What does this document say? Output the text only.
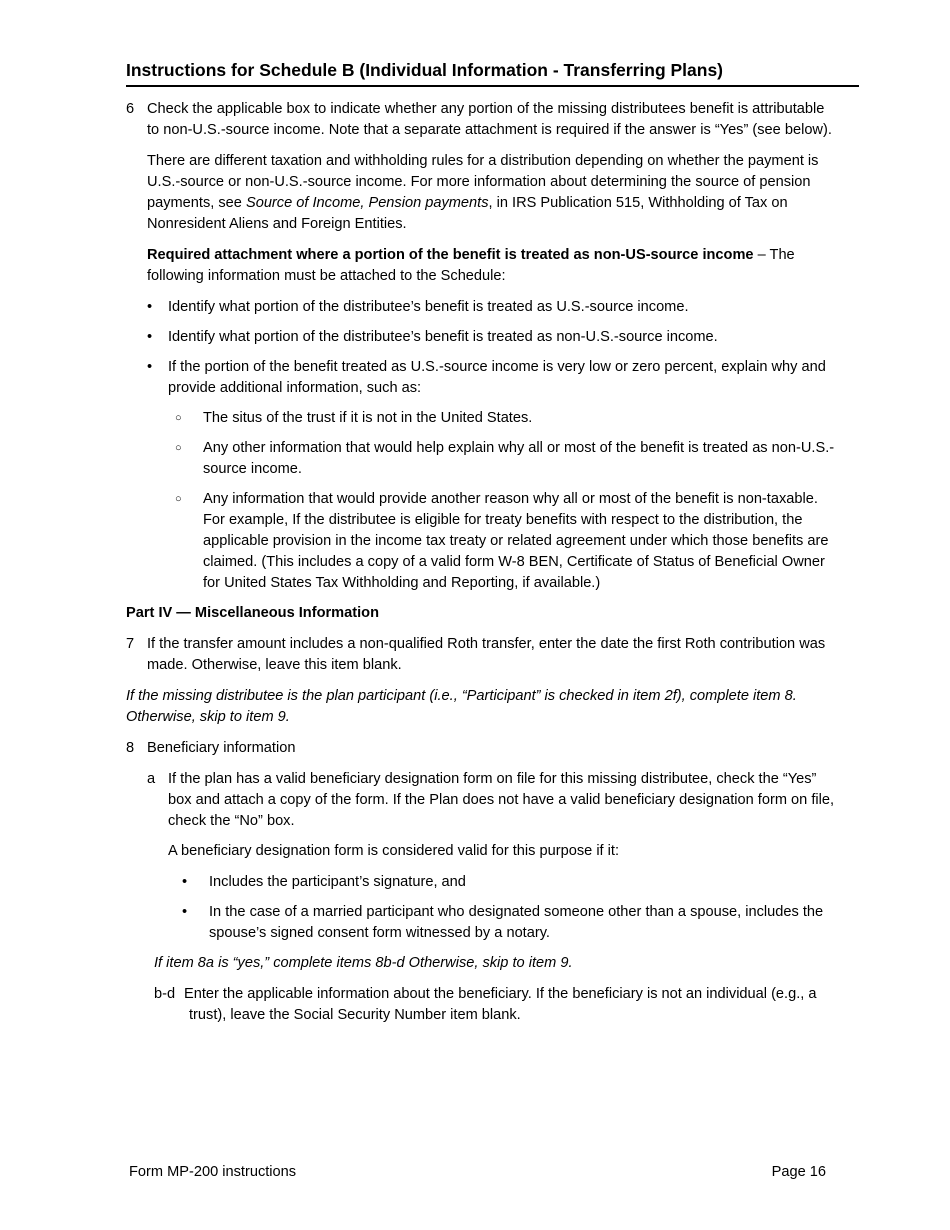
Instructions for Schedule B (Individual Information - Transferring Plans)
6 Check the applicable box to indicate whether any portion of the missing distributees benefit is attributable to non-U.S.-source income. Note that a separate attachment is required if the answer is “Yes” (see below).
There are different taxation and withholding rules for a distribution depending on whether the payment is U.S.-source or non-U.S.-source income. For more information about determining the source of pension payments, see Source of Income, Pension payments, in IRS Publication 515, Withholding of Tax on Nonresident Aliens and Foreign Entities.
Required attachment where a portion of the benefit is treated as non-US-source income – The following information must be attached to the Schedule:
• Identify what portion of the distributee’s benefit is treated as U.S.-source income.
• Identify what portion of the distributee’s benefit is treated as non-U.S.-source income.
• If the portion of the benefit treated as U.S.-source income is very low or zero percent, explain why and provide additional information, such as:
○ The situs of the trust if it is not in the United States.
○ Any other information that would help explain why all or most of the benefit is treated as non-U.S.-source income.
○ Any information that would provide another reason why all or most of the benefit is non-taxable. For example, If the distributee is eligible for treaty benefits with respect to the distribution, the applicable provision in the income tax treaty or related agreement under which those benefits are claimed. (This includes a copy of a valid form W-8 BEN, Certificate of Status of Beneficial Owner for United States Tax Withholding and Reporting, if available.)
Part IV — Miscellaneous Information
7 If the transfer amount includes a non-qualified Roth transfer, enter the date the first Roth contribution was made. Otherwise, leave this item blank.
If the missing distributee is the plan participant (i.e., “Participant” is checked in item 2f), complete item 8. Otherwise, skip to item 9.
8 Beneficiary information
a If the plan has a valid beneficiary designation form on file for this missing distributee, check the “Yes” box and attach a copy of the form. If the Plan does not have a valid beneficiary designation form on file, check the “No” box.
A beneficiary designation form is considered valid for this purpose if it:
• Includes the participant’s signature, and
• In the case of a married participant who designated someone other than a spouse, includes the spouse’s signed consent form witnessed by a notary.
If item 8a is “yes,” complete items 8b-d Otherwise, skip to item 9.
b-d Enter the applicable information about the beneficiary. If the beneficiary is not an individual (e.g., a trust), leave the Social Security Number item blank.
Form MP-200 instructions	Page 16
